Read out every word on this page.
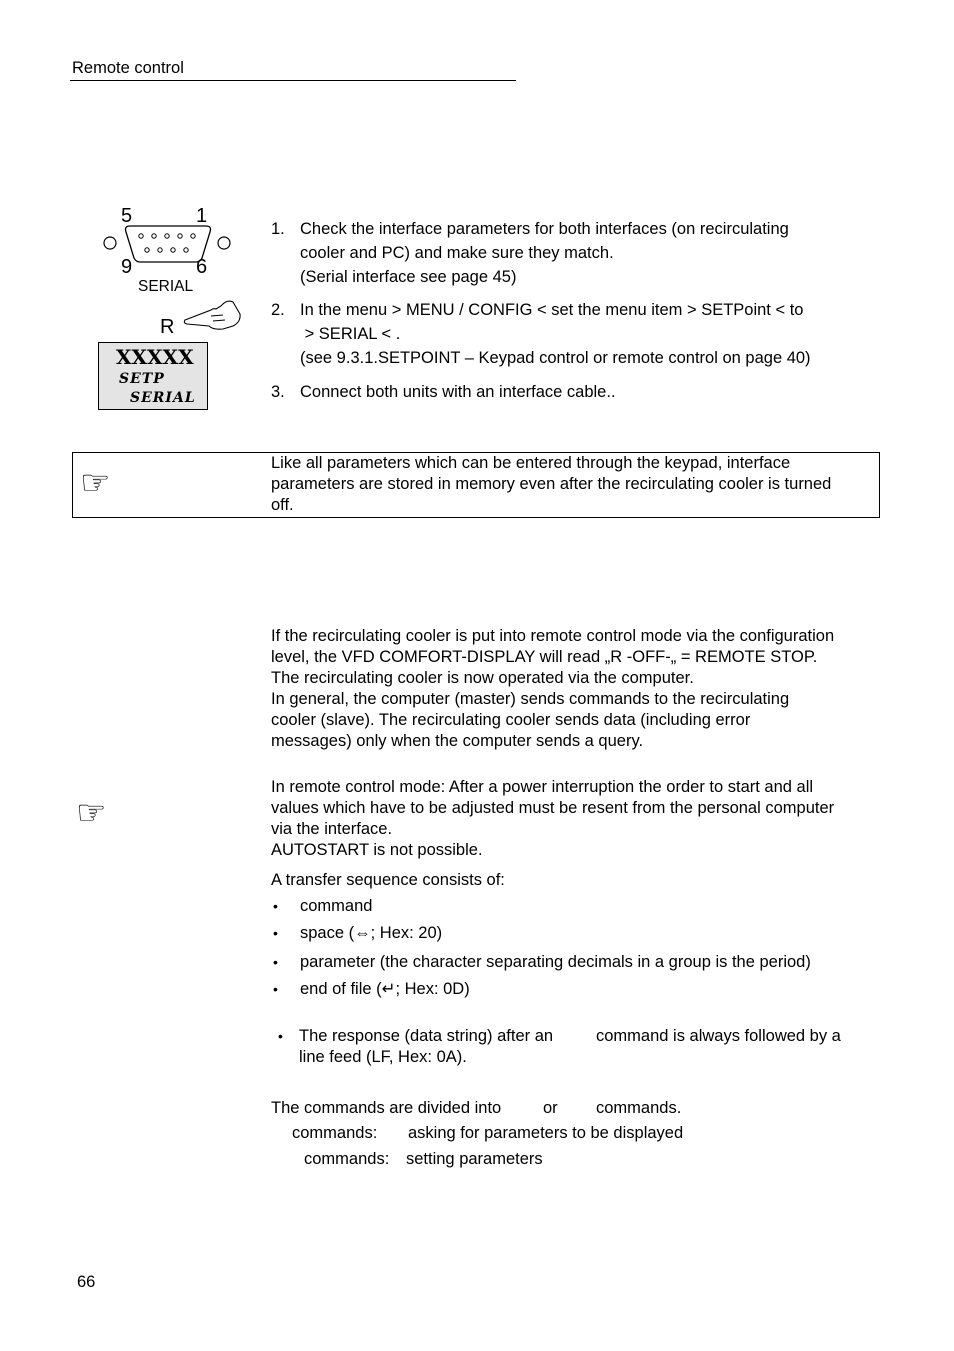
Remote control
5	1
9	6
SERIAL
R
XXXXX
SETP
SERIAL
1. Check the interface parameters for both interfaces (on recirculating
cooler and PC) and make sure they match.
(Serial interface see page 45)
2. In the menu > MENU / CONFIG < set the menu item > SETPoint < to
> SERIAL < .
(see 9.3.1.SETPOINT – Keypad control or remote control on page 40)
3. Connect both units with an interface cable..
☞	Like all parameters which can be entered through the keypad, interface
parameters are stored in memory even after the recirculating cooler is turned
off.
If the recirculating cooler is put into remote control mode via the configuration
level, the VFD COMFORT-DISPLAY will read „R -OFF-„ = REMOTE STOP.
The recirculating cooler is now operated via the computer.
In general, the computer (master) sends commands to the recirculating
cooler (slave). The recirculating cooler sends data (including error
messages) only when the computer sends a query.
☞
In remote control mode: After a power interruption the order to start and all
values which have to be adjusted must be resent from the personal computer
via the interface.
AUTOSTART is not possible.
A transfer sequence consists of:
• command
• space (⇔; Hex: 20)
• parameter (the character separating decimals in a group is the period)
• end of file (↵; Hex: 0D)
• The response (data string) after an	command is always followed by a
line feed (LF, Hex: 0A).
The commands are divided into	or commands.
commands: asking for parameters to be displayed
commands: setting parameters
66
